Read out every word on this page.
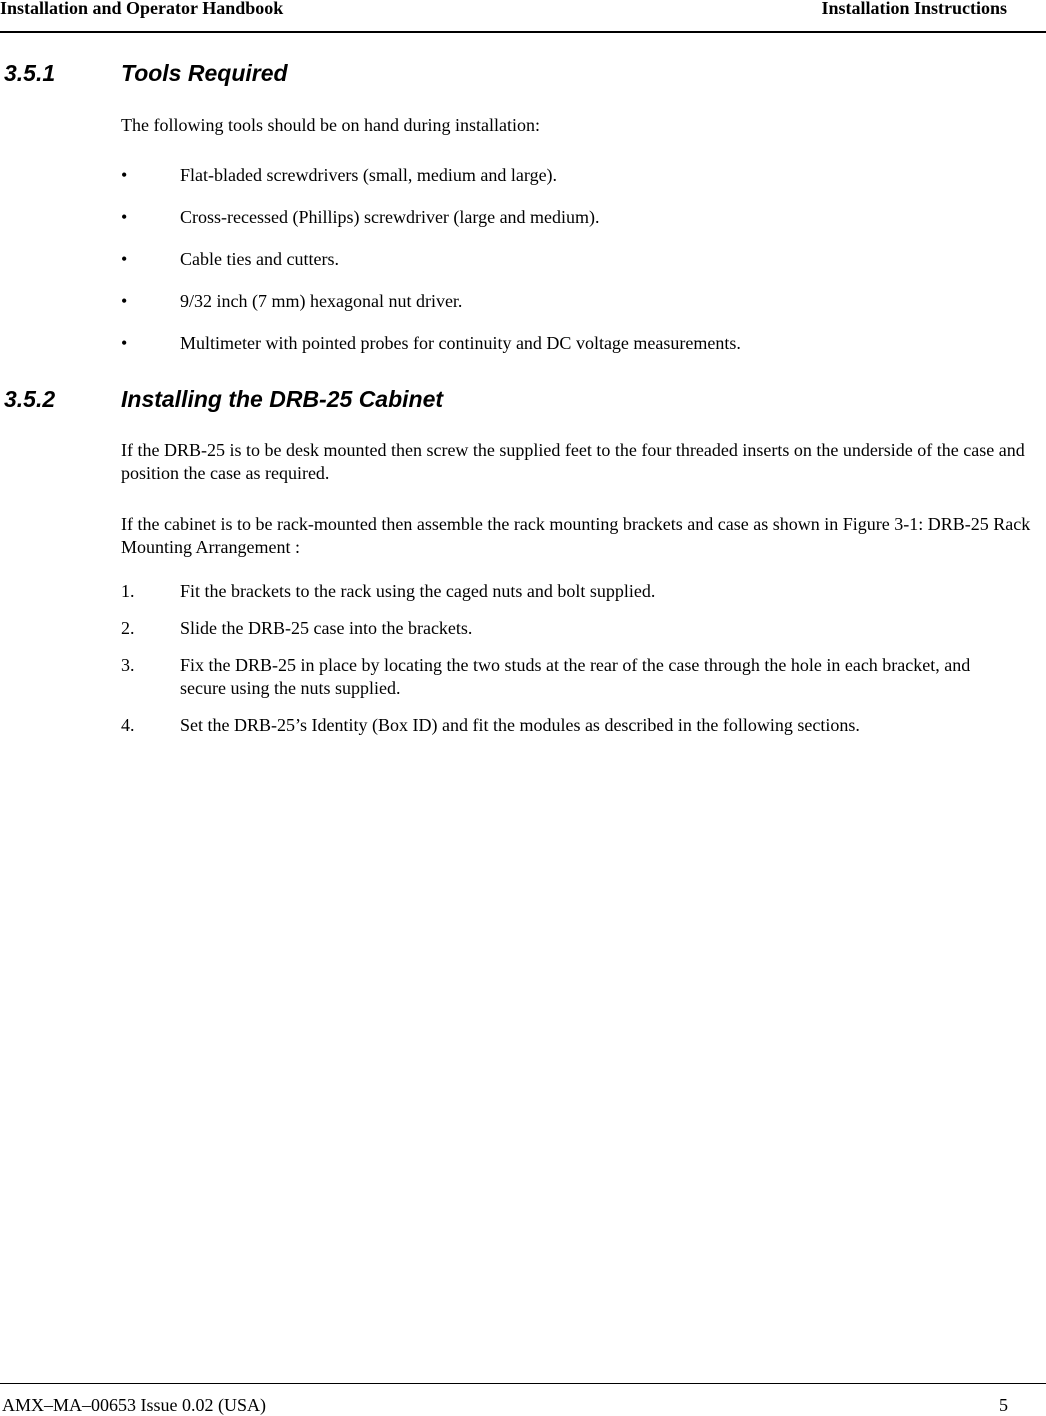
Installation and Operator Handbook	Installation Instructions
3.5.1	Tools Required
The following tools should be on hand during installation:
•	Flat-bladed screwdrivers (small, medium and large).
•	Cross-recessed (Phillips) screwdriver (large and medium).
•	Cable ties and cutters.
•	9/32 inch (7 mm) hexagonal nut driver.
•	Multimeter with pointed probes for continuity and DC voltage measurements.
3.5.2	Installing the DRB-25 Cabinet
If the DRB-25 is to be desk mounted then screw the supplied feet to the four threaded inserts on the underside of the case and position the case as required.
If the cabinet is to be rack-mounted then assemble the rack mounting brackets and case as shown in Figure 3-1: DRB-25 Rack Mounting Arrangement :
1.	Fit the brackets to the rack using the caged nuts and bolt supplied.
2.	Slide the DRB-25 case into the brackets.
3.	Fix the DRB-25 in place by locating the two studs at the rear of the case through the hole in each bracket, and secure using the nuts supplied.
4.	Set the DRB-25’s Identity (Box ID) and fit the modules as described in the following sections.
AMX–MA–00653 Issue 0.02 (USA)	5
